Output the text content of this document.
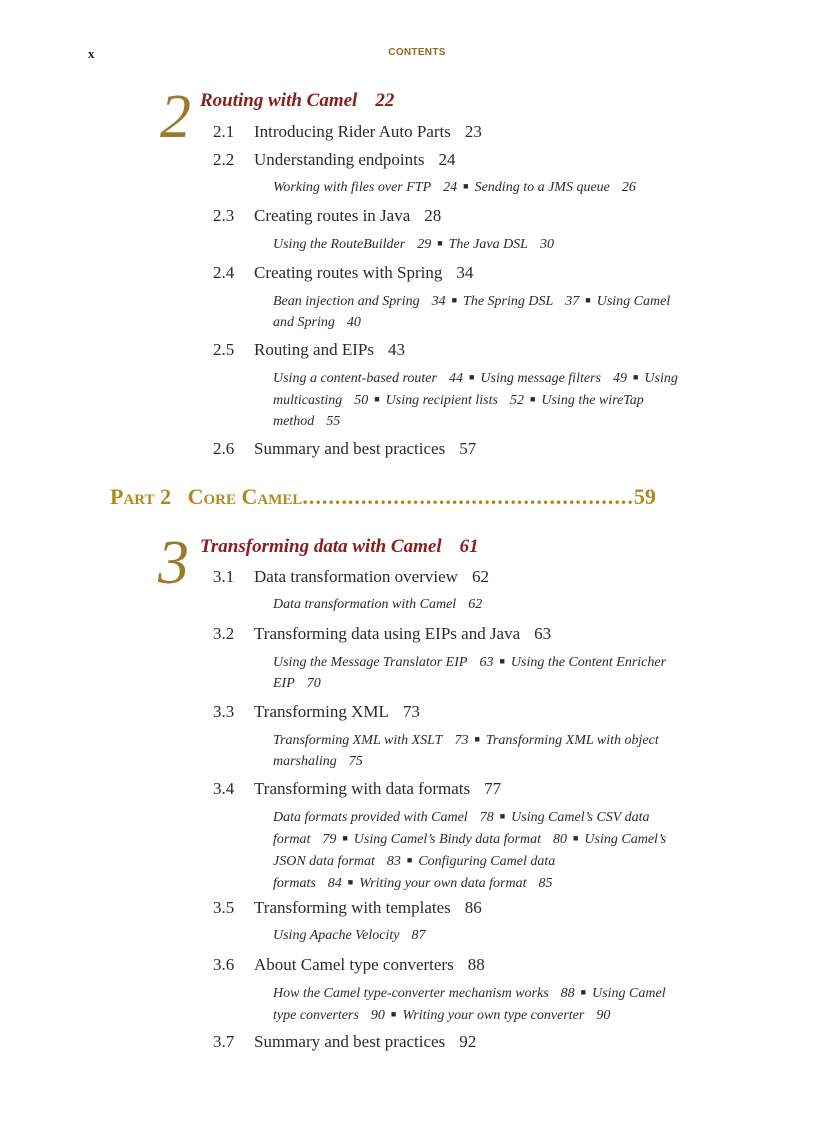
x	CONTENTS
2 Routing with Camel 22
2.1 Introducing Rider Auto Parts 23
2.2 Understanding endpoints 24
Working with files over FTP 24 ■ Sending to a JMS queue 26
2.3 Creating routes in Java 28
Using the RouteBuilder 29 ■ The Java DSL 30
2.4 Creating routes with Spring 34
Bean injection and Spring 34 ■ The Spring DSL 37 ■ Using Camel and Spring 40
2.5 Routing and EIPs 43
Using a content-based router 44 ■ Using message filters 49 ■ Using multicasting 50 ■ Using recipient lists 52 ■ Using the wireTap method 55
2.6 Summary and best practices 57
Part 2 Core Camel...................................................59
3 Transforming data with Camel 61
3.1 Data transformation overview 62
Data transformation with Camel 62
3.2 Transforming data using EIPs and Java 63
Using the Message Translator EIP 63 ■ Using the Content Enricher EIP 70
3.3 Transforming XML 73
Transforming XML with XSLT 73 ■ Transforming XML with object marshaling 75
3.4 Transforming with data formats 77
Data formats provided with Camel 78 ■ Using Camel’s CSV data format 79 ■ Using Camel’s Bindy data format 80 ■ Using Camel’s JSON data format 83 ■ Configuring Camel data formats 84 ■ Writing your own data format 85
3.5 Transforming with templates 86
Using Apache Velocity 87
3.6 About Camel type converters 88
How the Camel type-converter mechanism works 88 ■ Using Camel type converters 90 ■ Writing your own type converter 90
3.7 Summary and best practices 92
